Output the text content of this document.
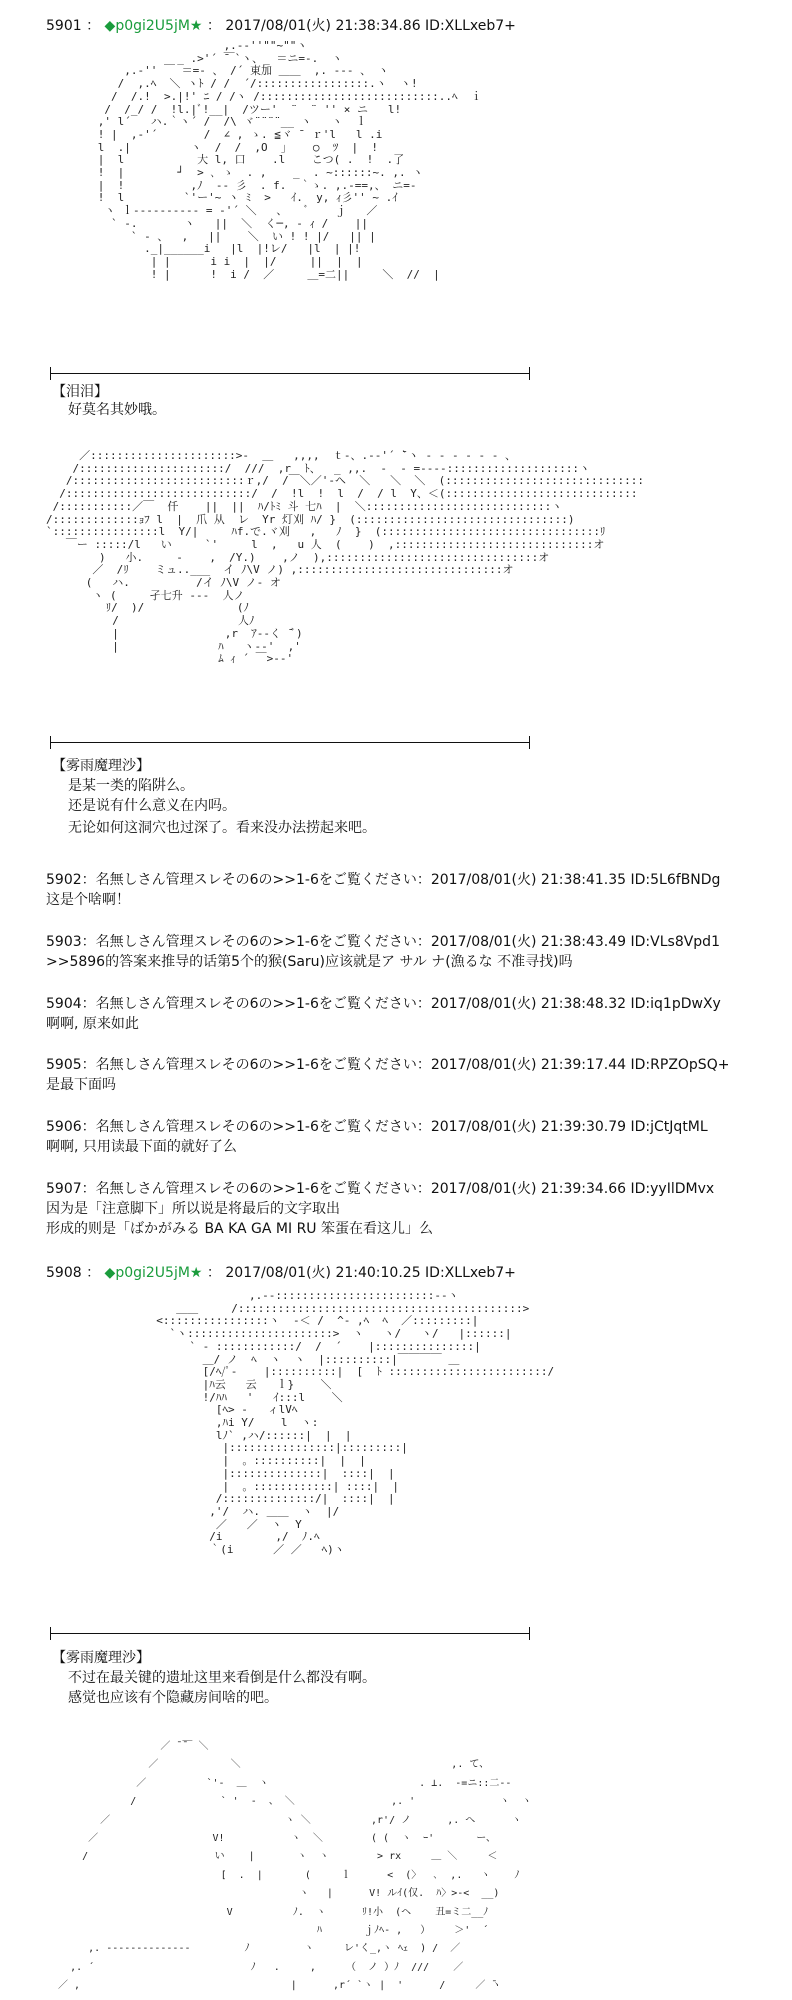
5901 ： ◆p0gi2U5jM★ ： 2017/08/01(火) 21:38:34.86 ID:XLLxeb7+
,.-‐''""~""ヽ
_ .>'´ ̄￣`ヽ、_ ＝ニ=-.  ヽ
,.-'' ￣ ＝=- 、 /´ 東加 ＿＿  ,. -‐- 、 ヽ
/  ,.ﾍ  ＼ ヽﾄ / /  ´/:::::::::::::::::.ヽ  ヽ!
/  /.!  >.|!' ﾆ / /ヽ /:::::::::::::::::::::::::::..ﾍ  ｉ
/  /_/ /  !l.|ﾞ!__|  /ツー'  ¨  ¨ '' × ニ   l!
,' l´   ハ.｀ヽ´ /  /\ ヾ¨¨¨¨__ ヽ   ヽ  ｌ
! |  ,-'´       /  ∠ , ゝ. ≦ヾ ̄  ｒ'l   l .i
l  .|         ヽ  /  /  ,O  ｣    ○  ﾂ  |  !
|  l           大 l, 口    .l    こつ( .  !  .了
!  |        ┘  > ､ ゝ  . ,    _  . ~::::::~. ,. ヽ
|  !          ,ﾉ  -- 彡  . f.  ｀ゝ. ,.-==,、 ニ=‐
!  l         `'ー'~ ヽ ﾐ  >   ｲ.  y, ｨ彡'' ~ .ｲ
ヽ ｌ---------- = ‐'´ ＼   、   ﾞ    ｊ   ／
` -.       ヽ   ||  ＼  く─, - ｨ /    ||
` - 、  ,   ||    ＼  い ! ! |/   || |
._|______i   |l  |!レ/   |l  | |!
| |      i i  |  |/     ||  |  |
! |      !  i /  ／     ＿=二||     ＼  //  |
【泪泪】
好莫名其妙哦。
／::::::::::::::::::::::>-  ＿   ,,,,  ｔ‐、.-‐'´ ̄`ヽ - - - - - - 、
/::::::::::::::::::::::/  ///  ,r  ﾄ、  _ ,,.  -  - =‐‐--::::::::::::::::::::ヽ
/::::::::::::::::::::::::::ｒ,/  /￣＼／'‐ヘ  ＼   ＼  ＼  (::::::::::::::::::::::::::::::
/::::::::::::::::::::::::::::/  /  !l  !  l  /  / l  Y、＜(:::::::::::::::::::::::::::::
/:::::::::::／￣  仟    ||  ||  ﾊ/ﾄﾐ 斗 七ﾊ  |  ＼::::::::::::::::::::::::::::ヽ
/:::::::::::::ｮﾌ l  |  爪 从  レ  Yr 灯刈 ﾊ/ }  (::::::::::::::::::::::::::::::::)
`::::::::::::::::l  Y/|     ﾊf.で.ヾ刈   ,   ﾉ  }  (:::::::::::::::::::::::::::::::::ﾘ
￣ー :::::/l   い     `'     l  ,   u 人  (    )  ,::::::::::::::::::::::::::::::オ
)   小.     ‐    ,  /Y.)    ,ノ  ),::::::::::::::::::::::::::::::::オ
／  /ﾘ    ミュ..___  イ ﾉ\V ノ) ,:::::::::::::::::::::::::::::::オ
(   ハ.          /イ ﾉ\V ノ‐ オ
ヽ (     孑七升 ‐‐‐  人ノ
ﾘ/  )/              (ﾉ
/                  人ﾉ
|                ,r  ｱ-‐く ̄ ﾞ)
|               ﾊ   ヽ-‐'  ,'
ﾑ ｨ ´ ￣>-‐'
【雾雨魔理沙】
是某一类的陷阱么。
还是说有什么意义在内吗。
无论如何这洞穴也过深了。看来没办法捞起来吧。
5902：名無しさん管理スレその6の>>1-6をご覧ください：2017/08/01(火) 21:38:41.35 ID:5L6fBNDg
这是个啥啊！
5903：名無しさん管理スレその6の>>1-6をご覧ください：2017/08/01(火) 21:38:43.49 ID:VLs8Vpd1
>>5896的答案来推导的话第5个的猴(Saru)应该就是ア サル ナ(漁るな 不准寻找)吗
5904：名無しさん管理スレその6の>>1-6をご覧ください：2017/08/01(火) 21:38:48.32 ID:iq1pDwXy
啊啊, 原来如此
5905：名無しさん管理スレその6の>>1-6をご覧ください：2017/08/01(火) 21:39:17.44 ID:RPZOpSQ+
是最下面吗
5906：名無しさん管理スレその6の>>1-6をご覧ください：2017/08/01(火) 21:39:30.79 ID:jCtJqtML
啊啊, 只用读最下面的就好了么
5907：名無しさん管理スレその6の>>1-6をご覧ください：2017/08/01(火) 21:39:34.66 ID:yyIlDMvx
因为是「注意脚下」所以说是将最后的文字取出
形成的则是「ばかがみる BA KA GA MI RU 笨蛋在看这儿」么
5908 ： ◆p0gi2U5jM★ ： 2017/08/01(火) 21:40:10.25 ID:XLLxeb7+
,.-‐::::::::::::::::::::::::‐-ヽ
＿＿     /:::::::::::::::::::::::::::::::::::::::::::>
<::::::::::::::::ヽ  ‐＜ /  ^- ,ﾍ  ﾍ  ／:::::::::|
`ヽ::::::::::::::::::::::>  ヽ   ヽ/   ヽ/   |::::::|
` ‐ ::::::::::::/  /  ´    |:::::::::::::::|
＿/ ノ  ﾍ  ヽ  ヽ  |::::::::::|￣￣￣￣ ＿
[/ﾍ/ﾟ-    |::::::::::|  [  ﾄ ::::::::::::::::::::::::/
|ﾊ云   云   ｌ}    ＼
!/ﾊﾊ   '   ｲ:::l    ＼
[ﾍ> -   ィlVﾍ
,ﾊi Y/    l  ヽ:
lﾉ` ,ハ/::::::|  |  |
|::::::::::::::::|:::::::::|
|  。::::::::::|  |  |
|::::::::::::::|  ::::|  |
|  。::::::::::::| ::::|  |
/::::::::::::::/|  ::::|  |
,'/  ハ. ＿＿  ヽ  |/
／   ／  ヽ  Y
/i        ,/  ﾉ.ﾍ
｀(i      ／ ／   ﾍ)ヽ
【雾雨魔理沙】
不过在最关键的遗址这里来看倒是什么都没有啊。
感觉也应该有个隐藏房间啥的吧。
／ ̄ ̄￣ ＼
／            ＼                                   ,. て、
／          `'‐  ＿  ヽ                         . ⊥.  ‐=ニ::二‐-
/              ` '  ‐  、 ＼                ,. '              ヽ  ヽ
／                             ヽ ＼          ,r'/ ノ      ,. へ      ヽ
／                   V!           ヽ  ＼        ( (  ヽ  ｰ'       ー、
/                     い    |       ヽ  ヽ        > rx     ＿ ＼     ＜
[  .  |       (     ｌ      <  (〉  ､  ,.   ヽ    ﾉ
ヽ   |      V! ルｲ(仅.  ﾊ〉>‐<  __)
V          ﾉ.  ヽ      ﾘ!小  (ヘ    丑=ミ二__ﾉ
ﾊ       ｊﾉﾍ‐ ,   ）    ＞'  ´
,. --‐‐‐---------         ﾉ         ヽ     レ'く_,ヽ ﾍｪ  ) /  ／
,. ´                          ﾉ   .     ,     （  ノ ）ﾉ  ///    ／
／ ,                                   |      ,r´ `ヽ |  '      /     ／ ̄ヽ
